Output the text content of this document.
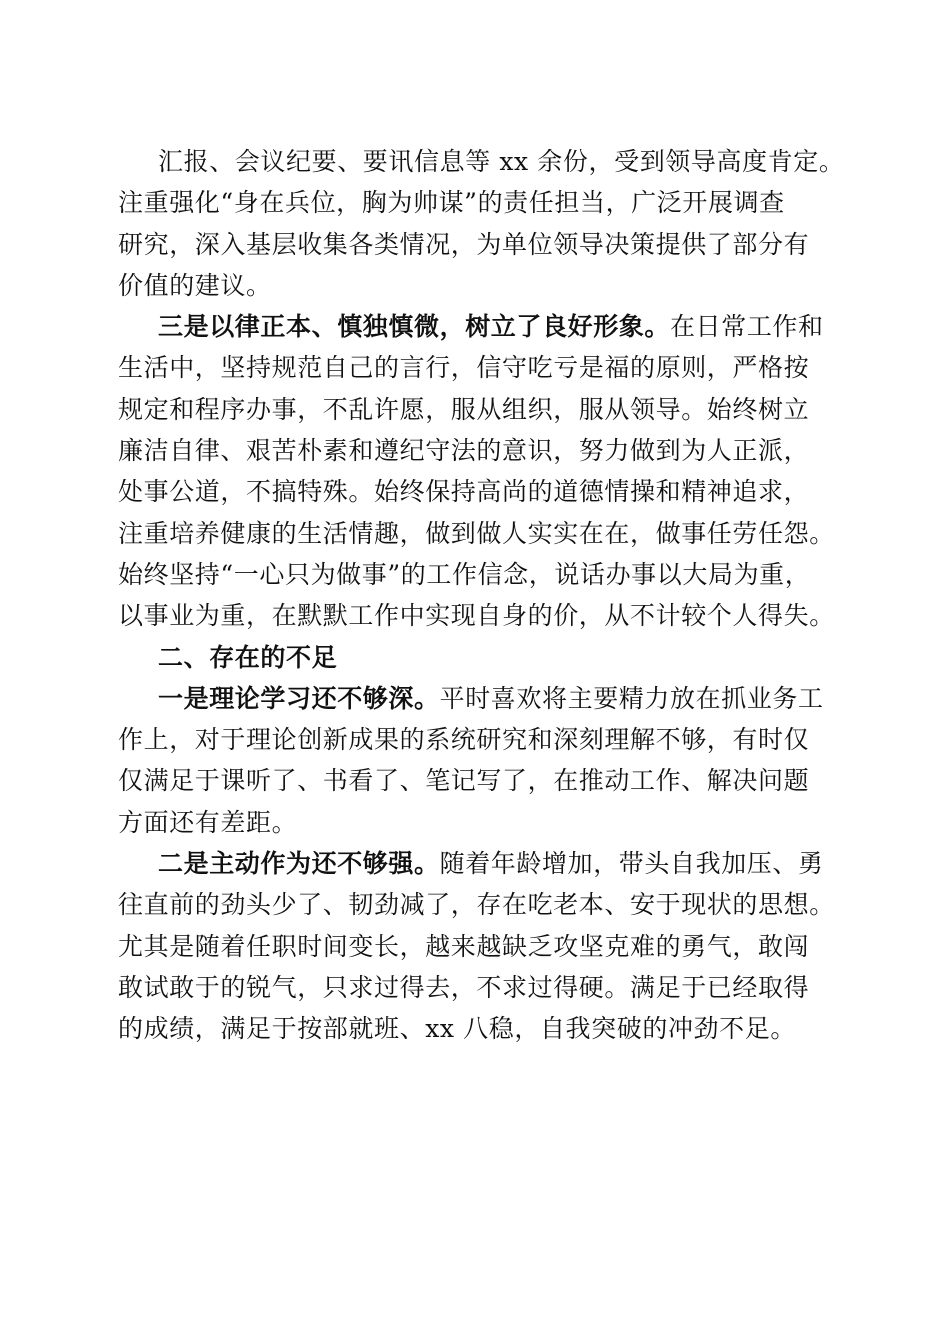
汇报、会议纪要、要讯信息等 xx 余份，受到领导高度肯定。
注重强化“身在兵位，胸为帅谋”的责任担当，广泛开展调查
研究，深入基层收集各类情况，为单位领导决策提供了部分有
价值的建议。
三是以律正本、慎独慎微，树立了良好形象。在日常工作和
生活中，坚持规范自己的言行，信守吃亏是福的原则，严格按
规定和程序办事，不乱许愿，服从组织，服从领导。始终树立
廉洁自律、艰苦朴素和遵纪守法的意识，努力做到为人正派，
处事公道，不搞特殊。始终保持高尚的道德情操和精神追求，
注重培养健康的生活情趣，做到做人实实在在，做事任劳任怨。
始终坚持“一心只为做事”的工作信念，说话办事以大局为重，
以事业为重，在默默工作中实现自身的价，从不计较个人得失。
二、存在的不足
一是理论学习还不够深。平时喜欢将主要精力放在抓业务工
作上，对于理论创新成果的系统研究和深刻理解不够，有时仅
仅满足于课听了、书看了、笔记写了，在推动工作、解决问题
方面还有差距。
二是主动作为还不够强。随着年龄增加，带头自我加压、勇
往直前的劲头少了、韧劲减了，存在吃老本、安于现状的思想。
尤其是随着任职时间变长，越来越缺乏攻坚克难的勇气，敢闯
敢试敢于的锐气，只求过得去，不求过得硬。满足于已经取得
的成绩，满足于按部就班、xx 八稳，自我突破的冲劲不足。
